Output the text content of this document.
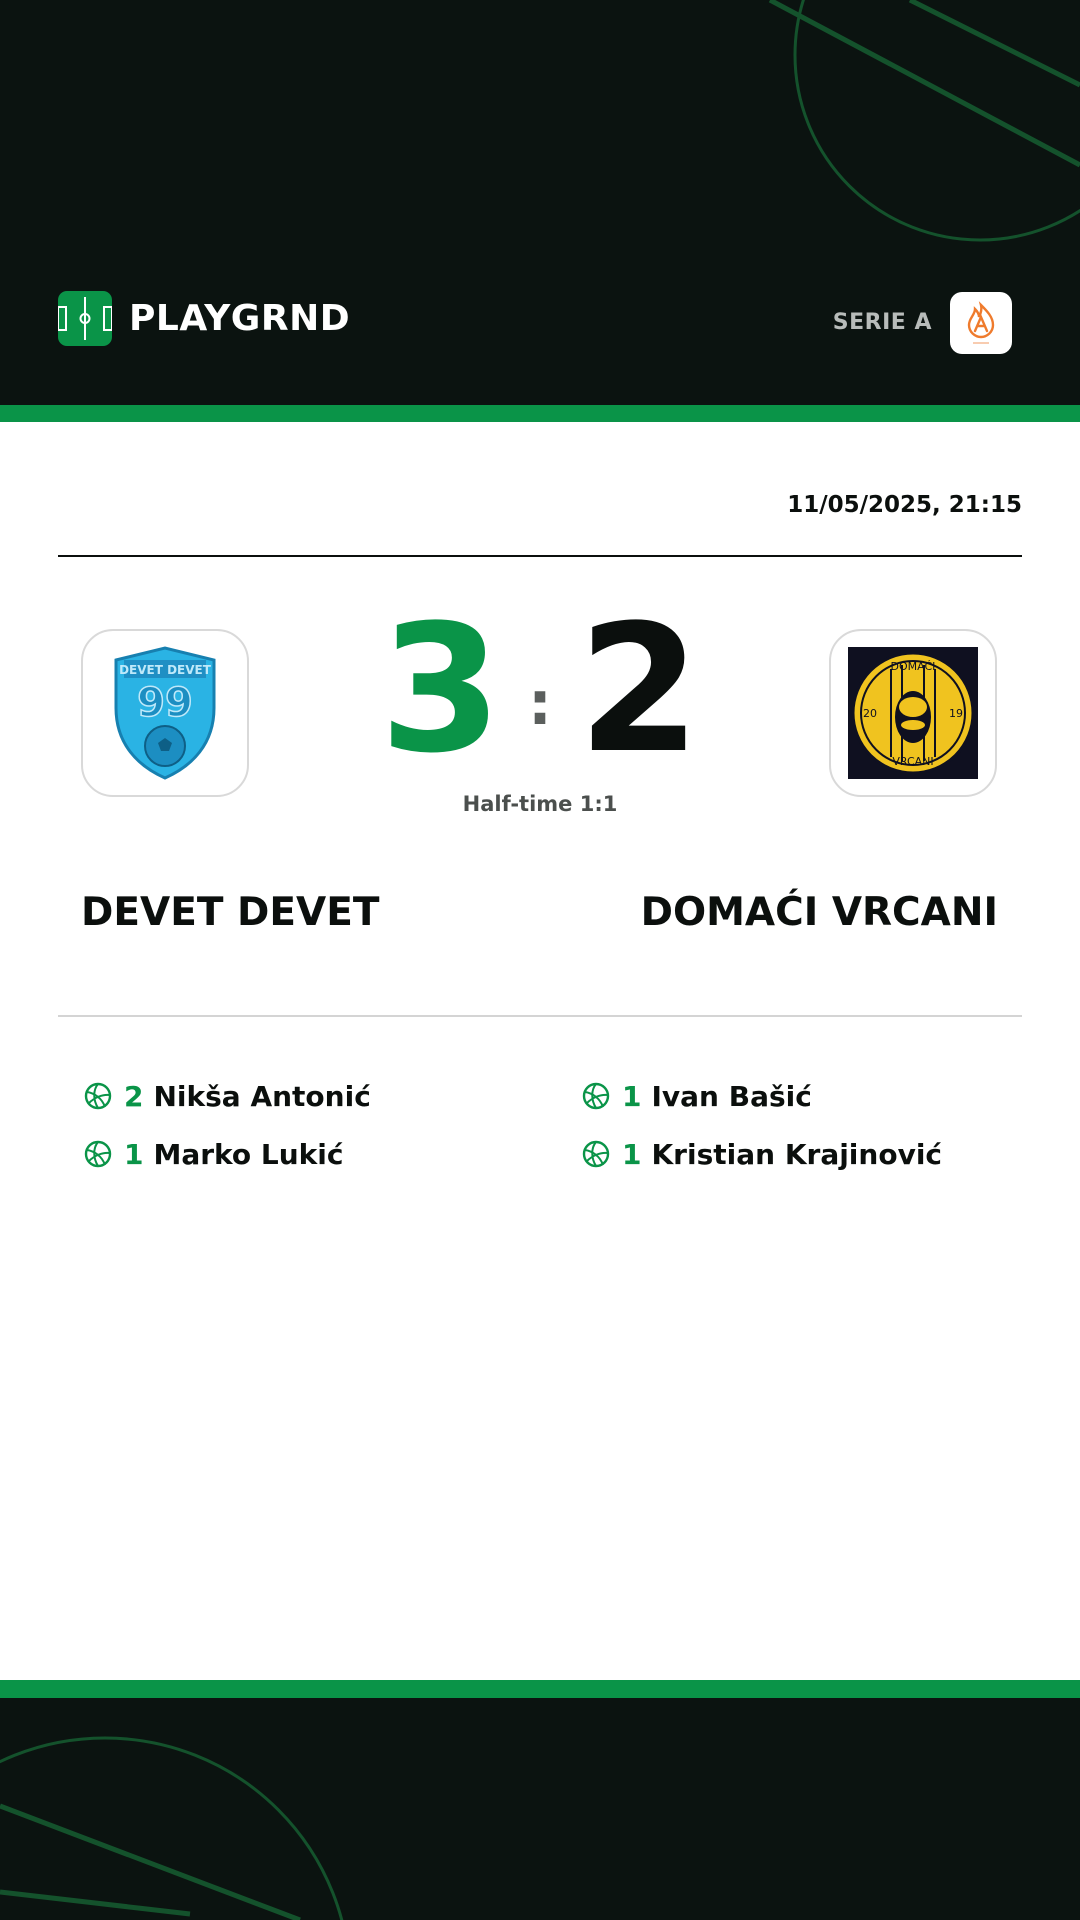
PLAYGRND	SERIE A
11/05/2025, 21:15
DEVET DEVET
99 3 : 2
Half-time 1:1
DOMAĆI
VRCANI
20	19
DEVET DEVET	DOMAĆI VRCANI
2 Nikša Antonić
1 Marko Lukić
1 Ivan Bašić
1 Kristian Krajinović
